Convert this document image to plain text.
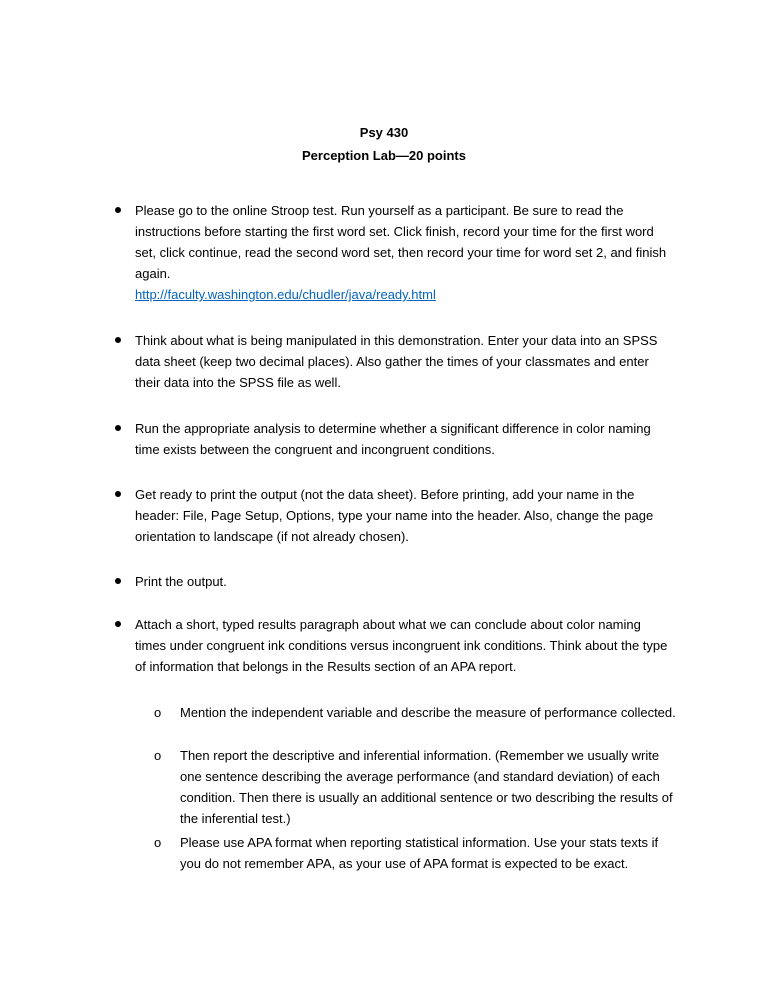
Psy 430
Perception Lab—20 points
Please go to the online Stroop test. Run yourself as a participant. Be sure to read the instructions before starting the first word set. Click finish, record your time for the first word set, click continue, read the second word set, then record your time for word set 2, and finish again.
http://faculty.washington.edu/chudler/java/ready.html
Think about what is being manipulated in this demonstration. Enter your data into an SPSS data sheet (keep two decimal places). Also gather the times of your classmates and enter their data into the SPSS file as well.
Run the appropriate analysis to determine whether a significant difference in color naming time exists between the congruent and incongruent conditions.
Get ready to print the output (not the data sheet). Before printing, add your name in the header: File, Page Setup, Options, type your name into the header. Also, change the page orientation to landscape (if not already chosen).
Print the output.
Attach a short, typed results paragraph about what we can conclude about color naming times under congruent ink conditions versus incongruent ink conditions. Think about the type of information that belongs in the Results section of an APA report.
o Mention the independent variable and describe the measure of performance collected.
o Then report the descriptive and inferential information. (Remember we usually write one sentence describing the average performance (and standard deviation) of each condition. Then there is usually an additional sentence or two describing the results of the inferential test.)
o Please use APA format when reporting statistical information. Use your stats texts if you do not remember APA, as your use of APA format is expected to be exact.
